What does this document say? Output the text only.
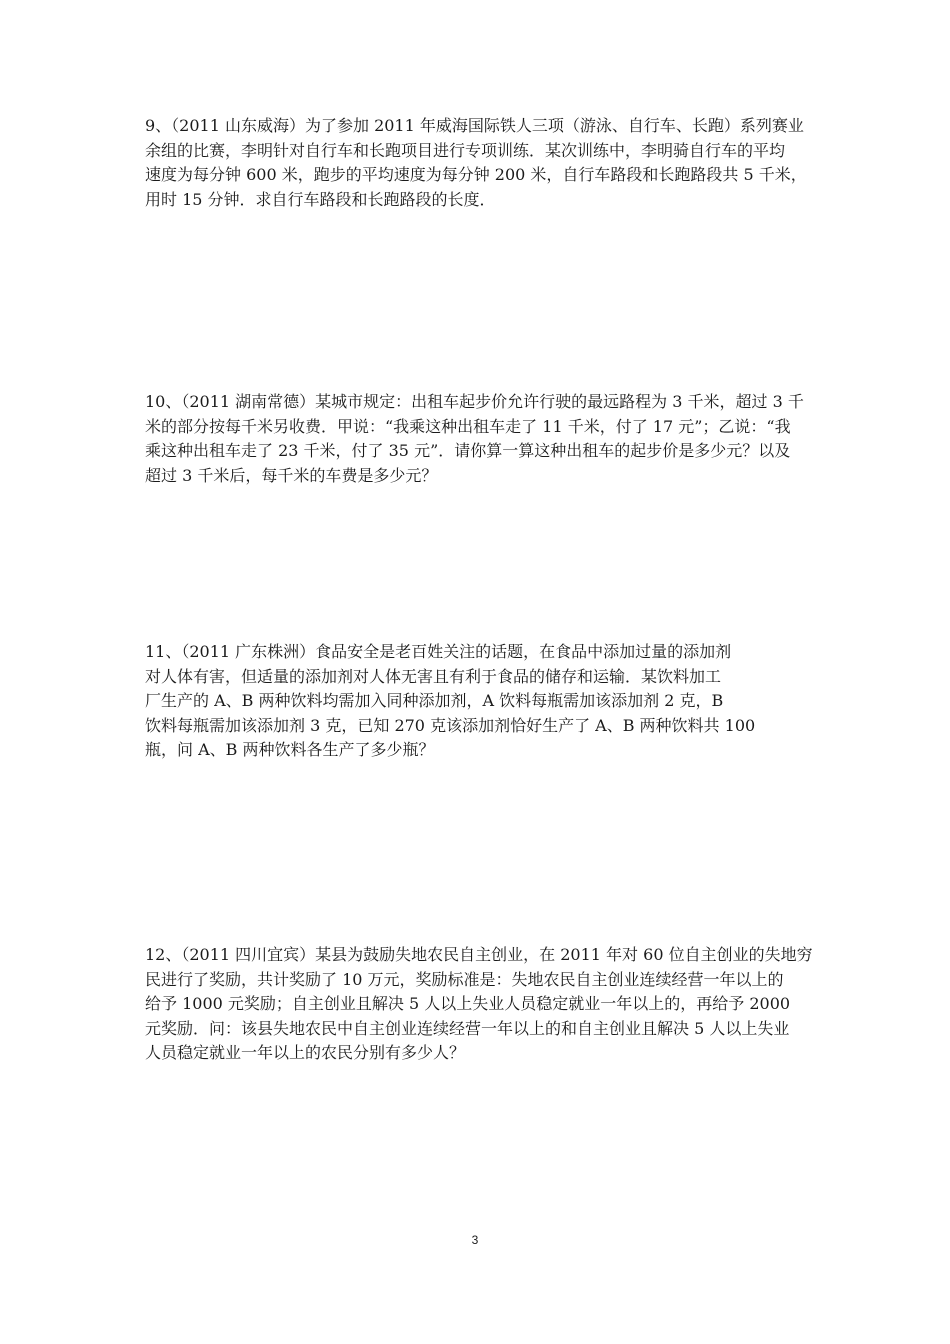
9、（2011 山东威海）为了参加 2011 年威海国际铁人三项（游泳、自行车、长跑）系列赛业
余组的比赛，李明针对自行车和长跑项目进行专项训练．某次训练中，李明骑自行车的平均
速度为每分钟 600 米，跑步的平均速度为每分钟 200 米，自行车路段和长跑路段共 5 千米，
用时 15 分钟．求自行车路段和长跑路段的长度．
10、（2011 湖南常德）某城市规定：出租车起步价允许行驶的最远路程为 3 千米，超过 3 千
米的部分按每千米另收费．甲说：“我乘这种出租车走了 11 千米，付了 17 元”；乙说：“我
乘这种出租车走了 23 千米，付了 35 元”．请你算一算这种出租车的起步价是多少元？以及
超过 3 千米后，每千米的车费是多少元？
11、（2011 广东株洲）食品安全是老百姓关注的话题，在食品中添加过量的添加剂
对人体有害，但适量的添加剂对人体无害且有利于食品的储存和运输．某饮料加工
厂生产的 A、B 两种饮料均需加入同种添加剂，A 饮料每瓶需加该添加剂 2 克，B
饮料每瓶需加该添加剂 3 克，已知 270 克该添加剂恰好生产了 A、B 两种饮料共 100
瓶，问 A、B 两种饮料各生产了多少瓶？
12、（2011 四川宜宾）某县为鼓励失地农民自主创业，在 2011 年对 60 位自主创业的失地穷
民进行了奖励，共计奖励了 10 万元，奖励标准是：失地农民自主创业连续经营一年以上的
给予 1000 元奖励；自主创业且解决 5 人以上失业人员稳定就业一年以上的，再给予 2000
元奖励．问：该县失地农民中自主创业连续经营一年以上的和自主创业且解决 5 人以上失业
人员稳定就业一年以上的农民分别有多少人？
3
